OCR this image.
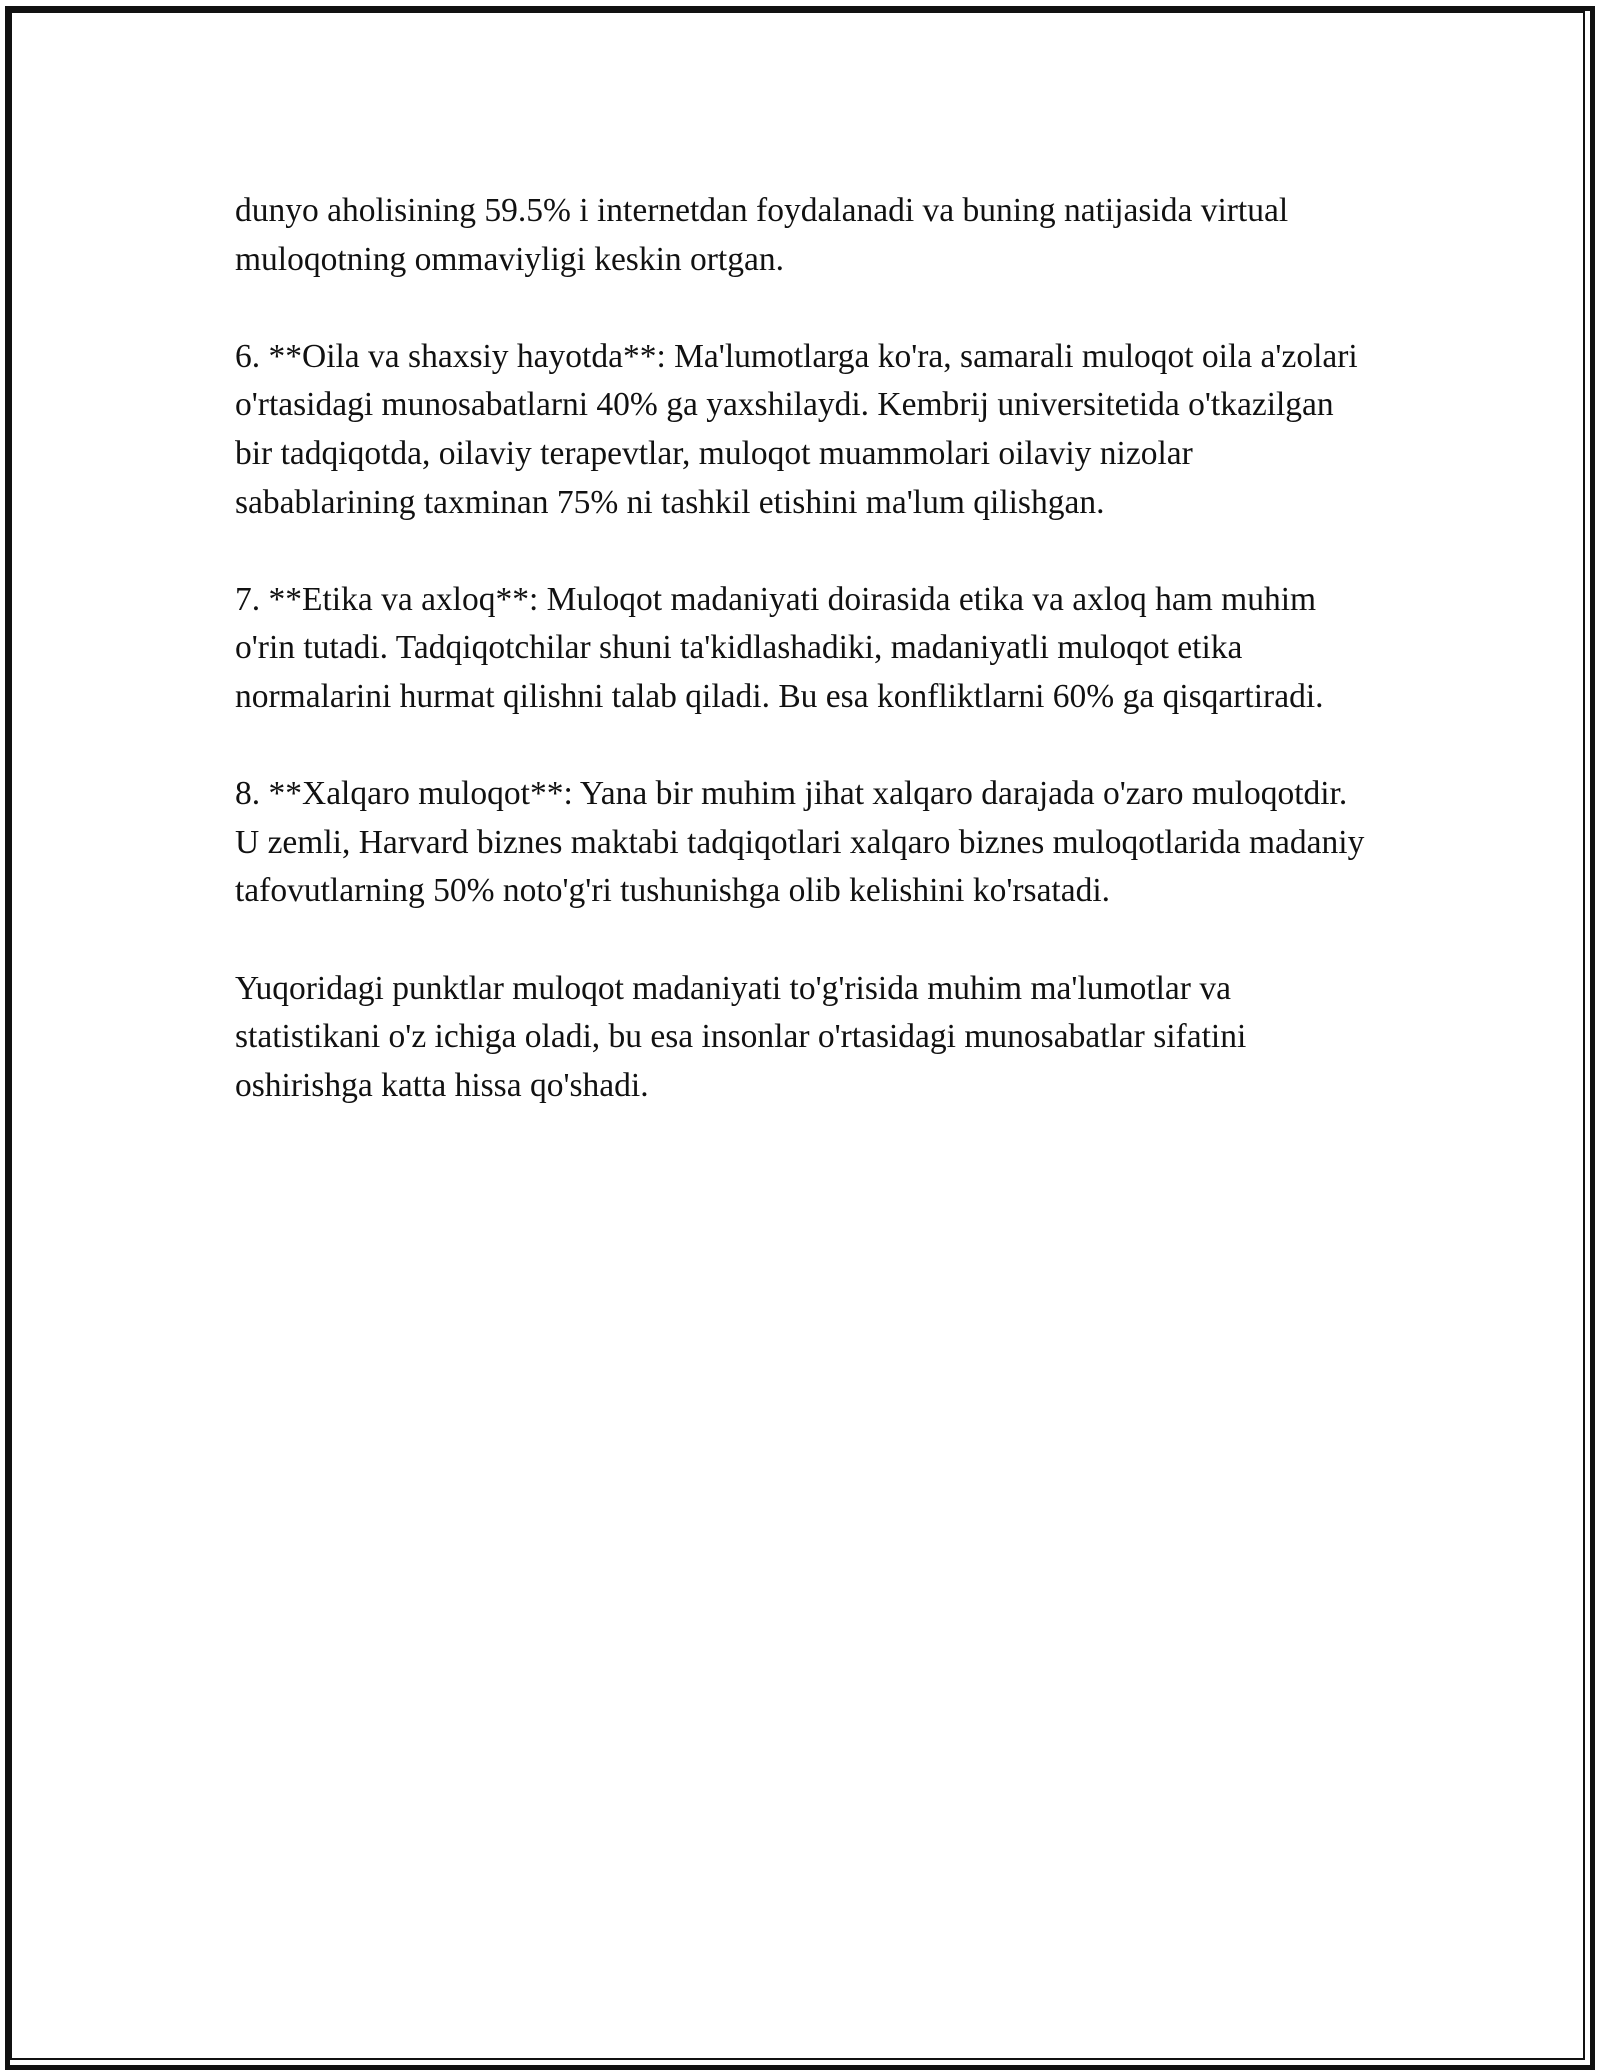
dunyo aholisining 59.5% i internetdan foydalanadi va buning natijasida virtual muloqotning ommaviyligi keskin ortgan.

6. **Oila va shaxsiy hayotda**: Ma'lumotlarga ko'ra, samarali muloqot oila a'zolari o'rtasidagi munosabatlarni 40% ga yaxshilaydi. Kembrij universitetida o'tkazilgan bir tadqiqotda, oilaviy terapevtlar, muloqot muammolari oilaviy nizolar sabablarining taxminan 75% ni tashkil etishini ma'lum qilishgan.

7. **Etika va axloq**: Muloqot madaniyati doirasida etika va axloq ham muhim o'rin tutadi. Tadqiqotchilar shuni ta'kidlashadiki, madaniyatli muloqot etika normalarini hurmat qilishni talab qiladi. Bu esa konfliktlarni 60% ga qisqartiradi.

8. **Xalqaro muloqot**: Yana bir muhim jihat xalqaro darajada o'zaro muloqotdir. U zemli, Harvard biznes maktabi tadqiqotlari xalqaro biznes muloqotlarida madaniy tafovutlarning 50% noto'g'ri tushunishga olib kelishini ko'rsatadi.

Yuqoridagi punktlar muloqot madaniyati to'g'risida muhim ma'lumotlar va statistikani o'z ichiga oladi, bu esa insonlar o'rtasidagi munosabatlar sifatini oshirishga katta hissa qo'shadi.
